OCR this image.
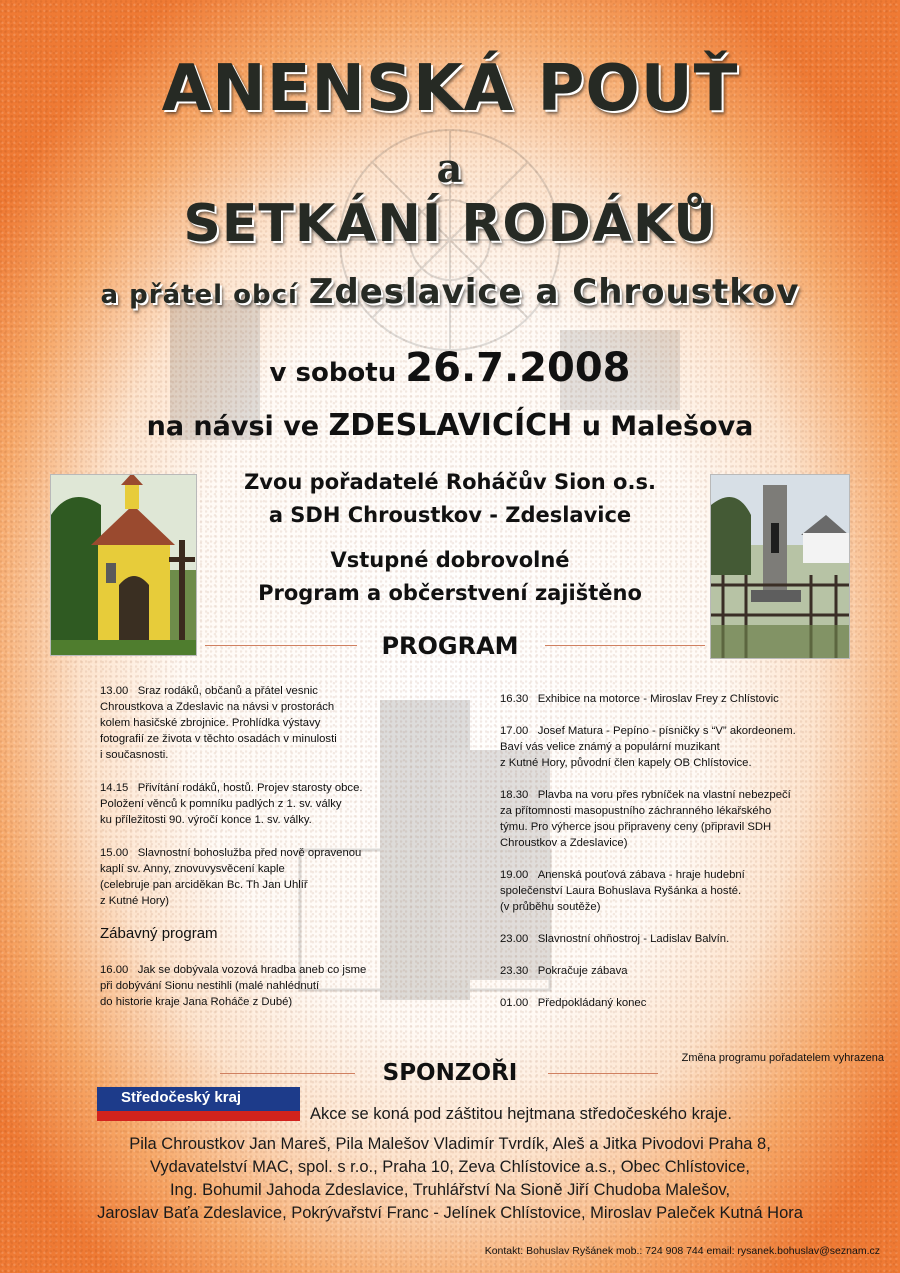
ANENSKÁ POUŤ
a
SETKÁNÍ RODÁKŮ
a přátel obcí Zdeslavice a Chroustkov
v sobotu 26.7.2008
na návsi ve ZDESLAVICÍCH u Malešova
Zvou pořadatelé Roháčův Sion o.s.
a SDH Chroustkov - Zdeslavice
Vstupné dobrovolné
Program a občerstvení zajištěno
PROGRAM
13.00 Sraz rodáků, občanů a přátel vesnic
Chroustkova a Zdeslavic na návsi v prostorách
kolem hasičské zbrojnice. Prohlídka výstavy
fotografií ze života v těchto osadách v minulosti
i současnosti.
14.15 Přivítání rodáků, hostů. Projev starosty obce.
Položení věnců k pomníku padlých z 1. sv. války
ku příležitosti 90. výročí konce 1. sv. války.
15.00 Slavnostní bohoslužba před nově opravenou
kaplí sv. Anny, znovuvysvěcení kaple
(celebruje pan arciděkan Bc. Th Jan Uhlíř
z Kutné Hory)
Zábavný program
16.00 Jak se dobývala vozová hradba aneb co jsme
při dobývání Sionu nestihli (malé nahlédnutí
do historie kraje Jana Roháče z Dubé)
16.30 Exhibice na motorce - Miroslav Frey z Chlístovic
17.00 Josef Matura - Pepíno - písničky s “V” akordeonem.
Baví vás velice známý a populární muzikant
z Kutné Hory, původní člen kapely OB Chlístovice.
18.30 Plavba na voru přes rybníček na vlastní nebezpečí
za přítomnosti masopustního záchranného lékařského
týmu. Pro výherce jsou připraveny ceny (připravil SDH
Chroustkov a Zdeslavice)
19.00 Anenská pouťová zábava - hraje hudební
společenství Laura Bohuslava Ryšánka a hosté.
(v průběhu soutěže)
23.00 Slavnostní ohňostroj - Ladislav Balvín.
23.30 Pokračuje zábava
01.00 Předpokládaný konec
Změna programu pořadatelem vyhrazena
SPONZOŘI
Středočeský kraj
Akce se koná pod záštitou hejtmana středočeského kraje.
Pila Chroustkov Jan Mareš, Pila Malešov Vladimír Tvrdík, Aleš a Jitka Pivodovi Praha 8,
Vydavatelství MAC, spol. s r.o., Praha 10, Zeva Chlístovice a.s., Obec Chlístovice,
Ing. Bohumil Jahoda Zdeslavice, Truhlářství Na Sioně Jiří Chudoba Malešov,
Jaroslav Baťa Zdeslavice, Pokrývařství Franc - Jelínek Chlístovice, Miroslav Paleček Kutná Hora
Kontakt: Bohuslav Ryšánek mob.: 724 908 744 email: rysanek.bohuslav@seznam.cz
